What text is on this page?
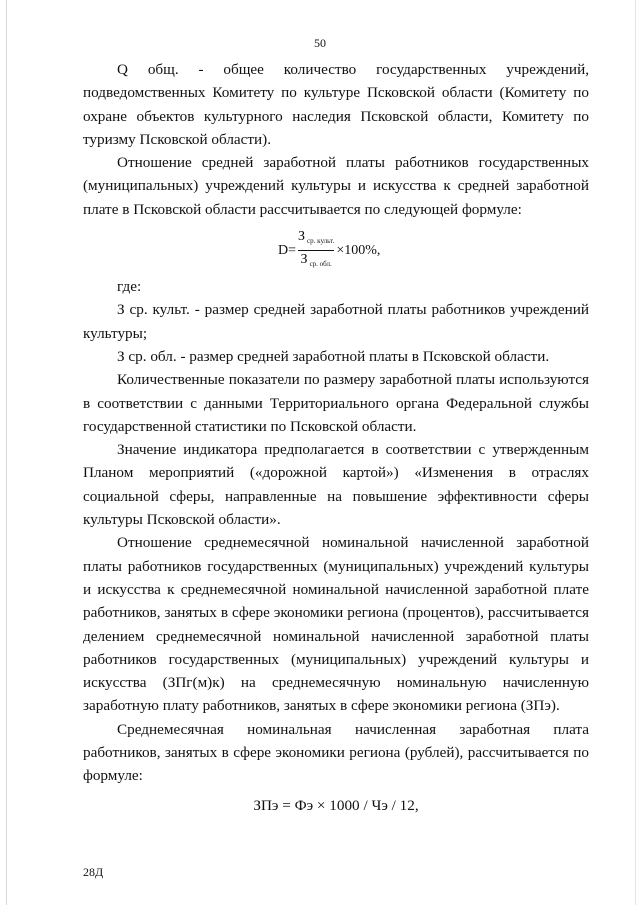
50

Q общ. - общее количество государственных учреждений, подведомственных Комитету по культуре Псковской области (Комитету по охране объектов культурного наследия Псковской области, Комитету по туризму Псковской области).

Отношение средней заработной платы работников государственных (муниципальных) учреждений культуры и искусства к средней заработной плате в Псковской области рассчитывается по следующей формуле:

$D= \frac{З _{ср. культ.}}{З _{ср. обл.}} \times 100\%$,

где:

З ср. культ. - размер средней заработной платы работников учреждений культуры;

З ср. обл. - размер средней заработной платы в Псковской области.

Количественные показатели по размеру заработной платы используются в соответствии с данными Территориального органа Федеральной службы государственной статистики по Псковской области.

Значение индикатора предполагается в соответствии с утвержденным Планом мероприятий («дорожной картой») «Изменения в отраслях социальной сферы, направленные на повышение эффективности сферы культуры Псковской области».

Отношение среднемесячной номинальной начисленной заработной платы работников государственных (муниципальных) учреждений культуры и искусства к среднемесячной номинальной начисленной заработной плате работников, занятых в сфере экономики региона (процентов), рассчитывается делением среднемесячной номинальной начисленной заработной платы работников государственных (муниципальных) учреждений культуры и искусства (ЗПг(м)к) на среднемесячную номинальную начисленную заработную плату работников, занятых в сфере экономики региона (ЗПэ).

Среднемесячная номинальная начисленная заработная плата работников, занятых в сфере экономики региона (рублей), рассчитывается по формуле:

ЗПэ = Фэ × 1000 / Чэ / 12,
28Д
